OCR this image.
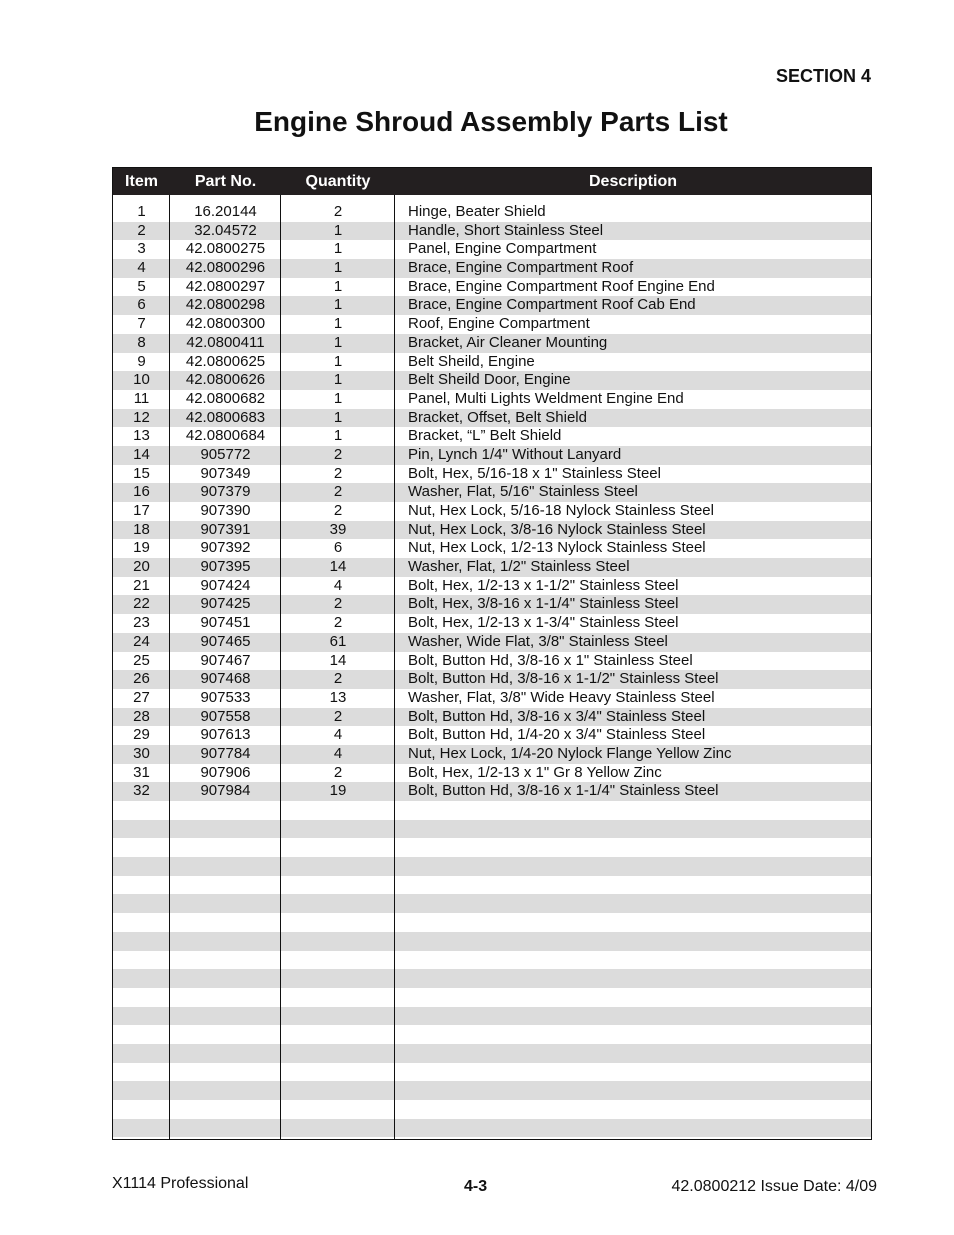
SECTION 4
Engine Shroud Assembly Parts List
Item	Part No.	Quantity	Description
1	16.20144	2	Hinge, Beater Shield
2	32.04572	1	Handle, Short Stainless Steel
3	42.0800275	1	Panel, Engine Compartment
4	42.0800296	1	Brace, Engine Compartment Roof
5	42.0800297	1	Brace, Engine Compartment Roof Engine End
6	42.0800298	1	Brace, Engine Compartment Roof Cab End
7	42.0800300	1	Roof, Engine Compartment
8	42.0800411	1	Bracket, Air Cleaner Mounting
9	42.0800625	1	Belt Sheild, Engine
10	42.0800626	1	Belt Sheild Door, Engine
11	42.0800682	1	Panel, Multi Lights Weldment Engine End
12	42.0800683	1	Bracket, Offset, Belt Shield
13	42.0800684	1	Bracket, “L” Belt Shield
14	905772	2	Pin, Lynch 1/4" Without Lanyard
15	907349	2	Bolt, Hex, 5/16-18 x 1" Stainless Steel
16	907379	2	Washer, Flat, 5/16" Stainless Steel
17	907390	2	Nut, Hex Lock, 5/16-18 Nylock Stainless Steel
18	907391	39	Nut, Hex Lock, 3/8-16 Nylock Stainless Steel
19	907392	6	Nut, Hex Lock, 1/2-13 Nylock Stainless Steel
20	907395	14	Washer, Flat, 1/2" Stainless Steel
21	907424	4	Bolt, Hex, 1/2-13 x 1-1/2" Stainless Steel
22	907425	2	Bolt, Hex, 3/8-16 x 1-1/4" Stainless Steel
23	907451	2	Bolt, Hex, 1/2-13 x 1-3/4" Stainless Steel
24	907465	61	Washer, Wide Flat, 3/8" Stainless Steel
25	907467	14	Bolt, Button Hd, 3/8-16 x 1" Stainless Steel
26	907468	2	Bolt, Button Hd, 3/8-16 x 1-1/2" Stainless Steel
27	907533	13	Washer, Flat, 3/8" Wide Heavy Stainless Steel
28	907558	2	Bolt, Button Hd, 3/8-16 x 3/4" Stainless Steel
29	907613	4	Bolt, Button Hd, 1/4-20 x 3/4" Stainless Steel
30	907784	4	Nut, Hex Lock, 1/4-20 Nylock Flange Yellow Zinc
31	907906	2	Bolt, Hex, 1/2-13 x 1" Gr 8 Yellow Zinc
32	907984	19	Bolt, Button Hd, 3/8-16 x 1-1/4" Stainless Steel
X1114 Professional	4-3	42.0800212 Issue Date: 4/09
